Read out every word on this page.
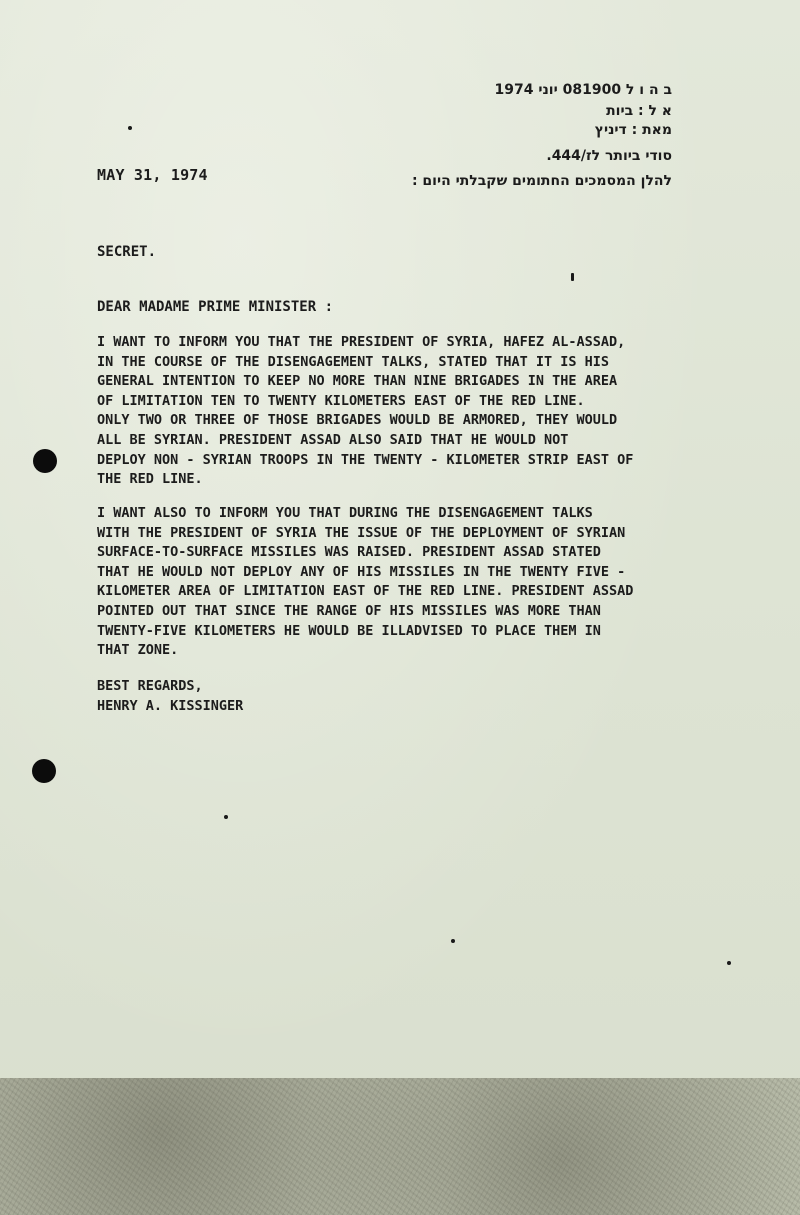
ב ה ו ל 081900 יוני 1974
א ל : ביות
מאת : דיניץ
סודי ביותר לז/444.
להלן המסמכים החתומים שקבלתי היום :
MAY 31, 1974
SECRET.
DEAR MADAME PRIME MINISTER :
I WANT TO INFORM YOU THAT THE PRESIDENT OF SYRIA, HAFEZ AL-ASSAD,
IN THE COURSE OF THE DISENGAGEMENT TALKS, STATED THAT IT IS HIS
GENERAL INTENTION TO KEEP NO MORE THAN NINE BRIGADES IN THE AREA
OF LIMITATION TEN TO TWENTY KILOMETERS EAST OF THE RED LINE.
ONLY TWO OR THREE OF THOSE BRIGADES WOULD BE ARMORED, THEY WOULD
ALL BE SYRIAN. PRESIDENT ASSAD ALSO SAID THAT HE WOULD NOT
DEPLOY NON - SYRIAN TROOPS IN THE TWENTY - KILOMETER STRIP EAST OF
THE RED LINE.
I WANT ALSO TO INFORM YOU THAT DURING THE DISENGAGEMENT TALKS
WITH THE PRESIDENT OF SYRIA THE ISSUE OF THE DEPLOYMENT OF SYRIAN
SURFACE-TO-SURFACE MISSILES WAS RAISED. PRESIDENT ASSAD STATED
THAT HE WOULD NOT DEPLOY ANY OF HIS MISSILES IN THE TWENTY FIVE -
KILOMETER AREA OF LIMITATION EAST OF THE RED LINE. PRESIDENT ASSAD
POINTED OUT THAT SINCE THE RANGE OF HIS MISSILES WAS MORE THAN
TWENTY-FIVE KILOMETERS HE WOULD BE ILLADVISED TO PLACE THEM IN
THAT ZONE.
BEST REGARDS,
HENRY A. KISSINGER
